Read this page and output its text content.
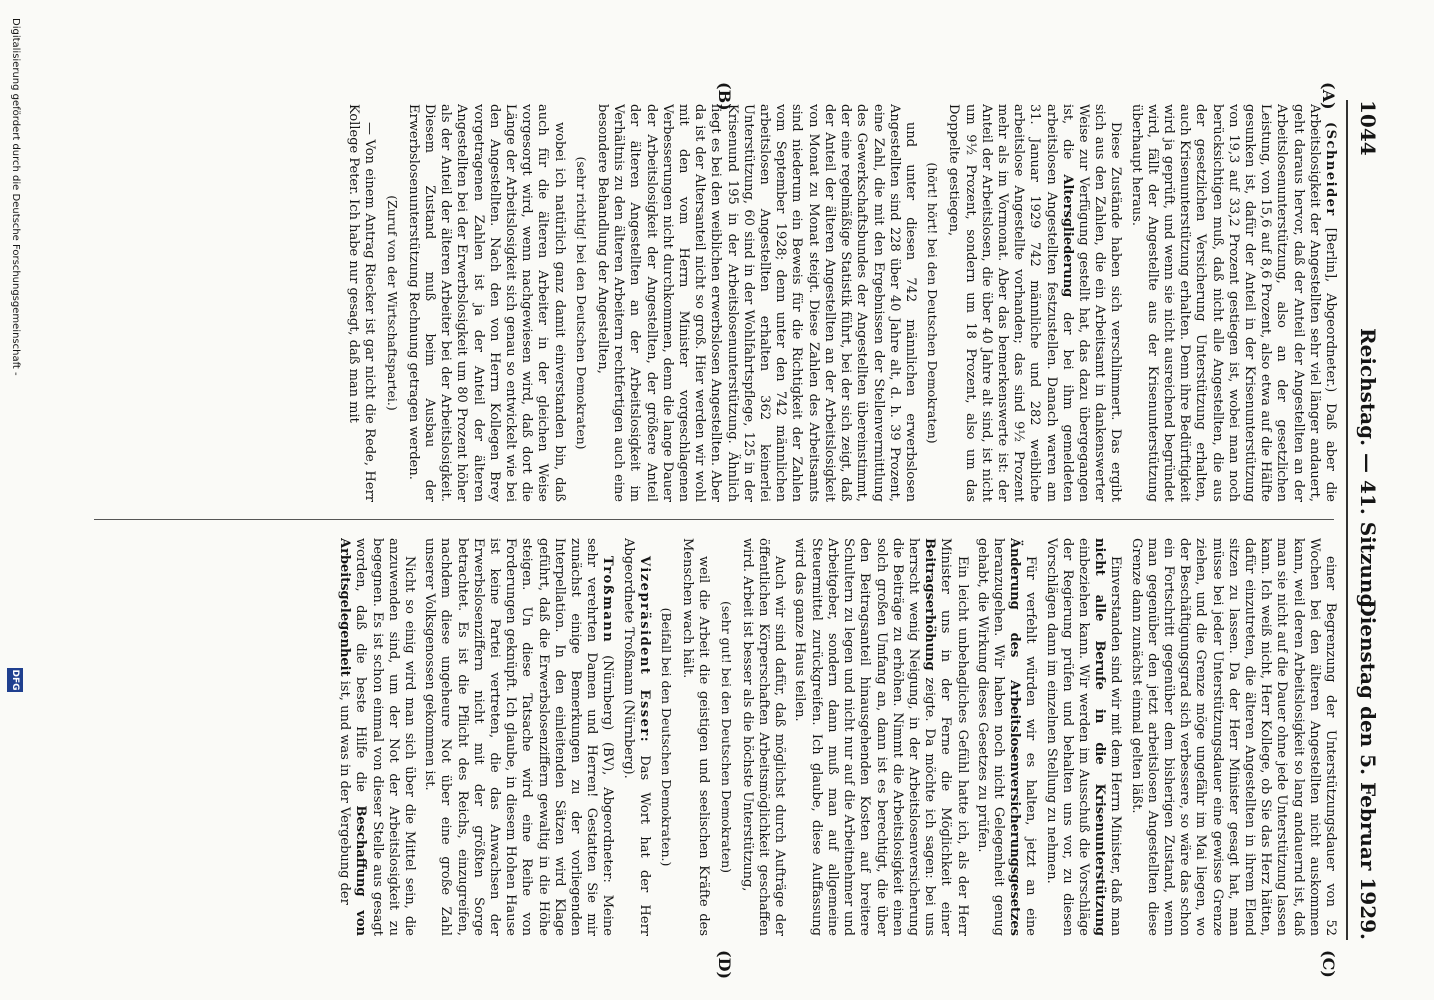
1044
Reichstag. — 41. Sitzung.
Dienstag den 5. Februar 1929.
(A)
(B)
(C)
(D)

(Schneider [Berlin], Abgeordneter.) Daß aber die Arbeitslosigkeit der Angestellten sehr viel länger andauert, geht daraus hervor, daß der Anteil der Angestellten an der Arbeitslosenunterstützung, also an der gesetzlichen Leistung, von 15,6 auf 8,6 Prozent, also etwa auf die Hälfte gesunken ist, dafür der Anteil in der Krisenunterstützung von 19,3 auf 33,2 Prozent gestiegen ist, wobei man noch berücksichtigen muß, daß nicht alle Angestellten, die aus der gesetzlichen Versicherung Unterstützung erhalten, auch Krisenunterstützung erhalten. Denn ihre Bedürftigkeit wird ja geprüft, und wenn sie nicht ausreichend begründet wird, fällt der Angestellte aus der Krisenunterstützung überhaupt heraus.

Diese Zustände haben sich verschlimmert. Das ergibt sich aus den Zahlen, die ein Arbeitsamt in dankenswerter Weise zur Verfügung gestellt hat, das dazu übergegangen ist, die Altersgliederung der bei ihm gemeldeten arbeitslosen Angestellten festzustellen. Danach waren am 31. Januar 1929 742 männliche und 282 weibliche arbeitslose Angestellte vorhanden; das sind 9½ Prozent mehr als im Vormonat. Aber das bemerkenswerte ist: der Anteil der Arbeitslosen, die über 40 Jahre alt sind, ist nicht um 9½ Prozent, sondern um 18 Prozent, also um das Doppelte gestiegen,

(hört! hört! bei den Deutschen Demokraten)

und unter diesen 742 männlichen erwerbslosen Angestellten sind 228 über 40 Jahre alt, d. h. 39 Prozent, eine Zahl, die mit den Ergebnissen der Stellenvermittlung des Gewerkschaftsbundes der Angestellten übereinstimmt, der eine regelmäßige Statistik führt, bei der sich zeigt, daß der Anteil der älteren Angestellten an der Arbeitslosigkeit von Monat zu Monat steigt. Diese Zahlen des Arbeitsamts sind niederum ein Beweis für die Richtigkeit der Zahlen vom September 1928; denn unter den 742 männlichen arbeitslosen Angestellten erhalten 362 keinerlei Unterstützung, 60 sind in der Wohlfahrtspflege, 125 in der Krisenund 195 in der Arbeitslosenunterstützung. Ähnlich liegt es bei den weiblichen erwerbslosen Angestellten. Aber da ist der Altersanteil nicht so groß. Hier werden wir wohl mit den vom Herrn Minister vorgeschlagenen Verbesserungen nicht durchkommen, denn die lange Dauer der Arbeitslosigkeit der Angestellten, der größere Anteil der älteren Angestellten an der Arbeitslosigkeit im Verhältnis zu den älteren Arbeitern rechtfertigen auch eine besondere Behandlung der Angestellten,

(sehr richtig! bei den Deutschen Demokraten)

wobei ich natürlich ganz damit einverstanden bin, daß auch für die älteren Arbeiter in der gleichen Weise vorgesorgt wird, wenn nachgewiesen wird, daß dort die Länge der Arbeitslosigkeit sich genau so entwickelt wie bei den Angestellten. Nach den von Herrn Kollegen Brey vorgetragenen Zahlen ist ja der Anteil der älteren Angestellten bei der Erwerbslosigkeit um 80 Prozent höher als der Anteil der älteren Arbeiter bei der Arbeitslosigkeit. Diesem Zustand muß beim Ausbau der Erwerbslosenunterstützung Rechnung getragen werden.

(Zuruf von der Wirtschaftspartei.)

— Von einem Antrag Riecker ist gar nicht die Rede, Herr Kollege Peter. Ich habe nur gesagt, daß man mit

einer Begrenzung der Unterstützungsdauer von 52 Wochen bei den älteren Angestellten nicht auskommen kann, weil deren Arbeitslosigkeit so lang andauernd ist, daß man sie nicht auf die Dauer ohne jede Unterstützung lassen kann. Ich weiß nicht, Herr Kollege, ob Sie das Herz hätten, dafür einzutreten, die älteren Angestellten in ihrem Elend sitzen zu lassen. Da der Herr Minister gesagt hat, man müsse bei jeder Unterstützungsdauer eine gewisse Grenze ziehen, und die Grenze möge ungefähr im Mai liegen, wo der Beschäftigungsgrad sich verbessere, so wäre das schon ein Fortschritt gegenüber dem bisherigen Zustand, wenn man gegenüber den jetzt arbeitslosen Angestellten diese Grenze dann zunächst einmal gelten läßt.

Einverstanden sind wir mit dem Herrn Minister, daß man nicht alle Berufe in die Krisenunterstützung einbeziehen kann. Wir werden im Ausschuß die Vorschläge der Regierung prüfen und behalten uns vor, zu diesen Vorschlägen dann im einzelnen Stellung zu nehmen.

Für verfehlt würden wir es halten, jetzt an eine Änderung des Arbeitslosenversicherungsgesetzes heranzugehen. Wir haben noch nicht Gelegenheit genug gehabt, die Wirkung dieses Gesetzes zu prüfen.

Ein leicht unbehagliches Gefühl hatte ich, als der Herr Minister uns in der Ferne die Möglichkeit einer Beitragserhöhung zeigte. Da möchte ich sagen: bei uns herrscht wenig Neigung, in der Arbeitslosenversicherung die Beiträge zu erhöhen. Nimmt die Arbeitslosigkeit einen solch großen Umfang an, dann ist es berechtigt, die über den Beitragsanteil hinausgehenden Kosten auf breitere Schultern zu legen und nicht nur auf die Arbeitnehmer und Arbeitgeber, sondern dann muß man auf allgemeine Steuermittel zurückgreifen. Ich glaube, diese Auffassung wird das ganze Haus teilen.

Auch wir sind dafür, daß möglichst durch Aufträge der öffentlichen Körperschaften Arbeitsmöglichkeit geschaffen wird. Arbeit ist besser als die höchste Unterstützung,

(sehr gut! bei den Deutschen Demokraten)

weil die Arbeit die geistigen und seelischen Kräfte des Menschen wach hält.

(Beifall bei den Deutschen Demokraten.)

Vizepräsident Esser: Das Wort hat der Herr Abgeordnete Troßmann (Nürnberg).

Troßmann (Nürnberg) (BV), Abgeordneter: Meine sehr verehrten Damen und Herren! Gestatten Sie mir zunächst einige Bemerkungen zu der vorliegenden Interpellation. In den einleitenden Sätzen wird Klage geführt, daß die Erwerbslosenziffern gewaltig in die Höhe steigen. Un diese Tatsache wird eine Reihe von Forderungen geknüpft. Ich glaube, in diesem Hohen Hause ist keine Partei vertreten, die das Anwachsen der Erwerbslosenziffern nicht mit der größten Sorge betrachtet. Es ist die Pflicht des Reichs, einzugreifen, nachdem diese ungeheure Not über eine große Zahl unserer Volksgenossen gekommen ist.

Nicht so einig wird man sich über die Mittel sein, die anzuwenden sind, um der Not der Arbeitslosigkeit zu begegnen. Es ist schon einmal von dieser Stelle aus gesagt worden, daß die beste Hilfe die Beschaffung von Arbeitsgelegenheit ist, und was in der Vergebung der

Digitalisierung gefördert durch die Deutsche Forschungsgemeinschaft -
DFG
